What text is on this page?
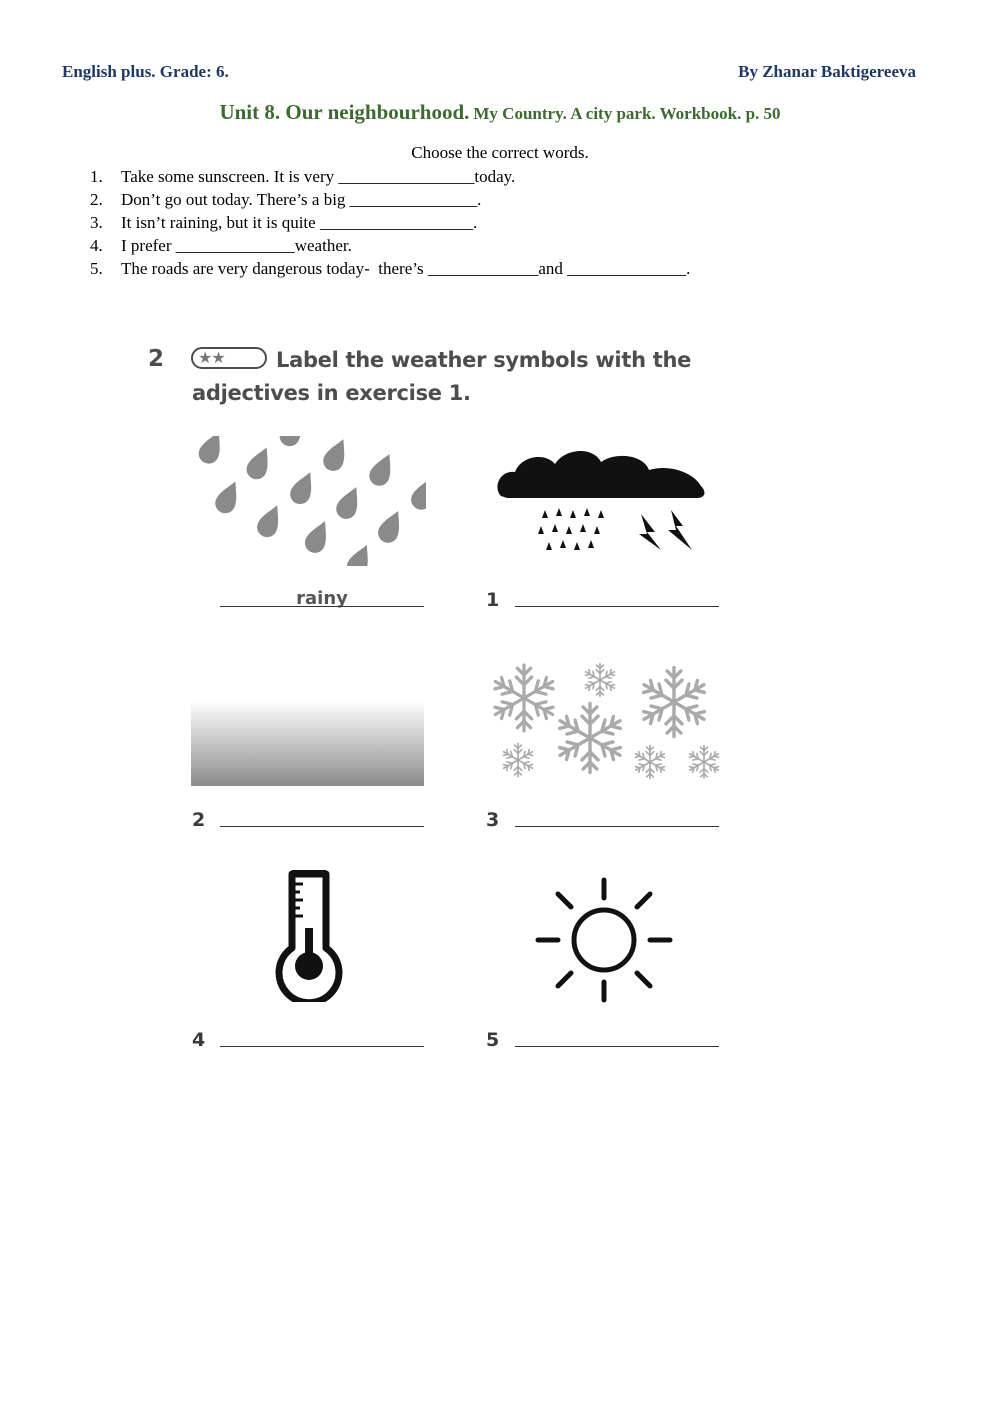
English plus. Grade: 6.	By Zhanar Baktigereeva
Unit 8. Our neighbourhood. My Country. A city park. Workbook. p. 50
Choose the correct words.
1. Take some sunscreen. It is very ________________today.
2. Don’t go out today. There’s a big _______________.
3. It isn’t raining, but it is quite __________________.
4. I prefer ______________weather.
5. The roads are very dangerous today-  there’s _____________and ______________.
2	★★	Label the weather symbols with the adjectives in exercise 1.
rainy	1
2	3
4	5
